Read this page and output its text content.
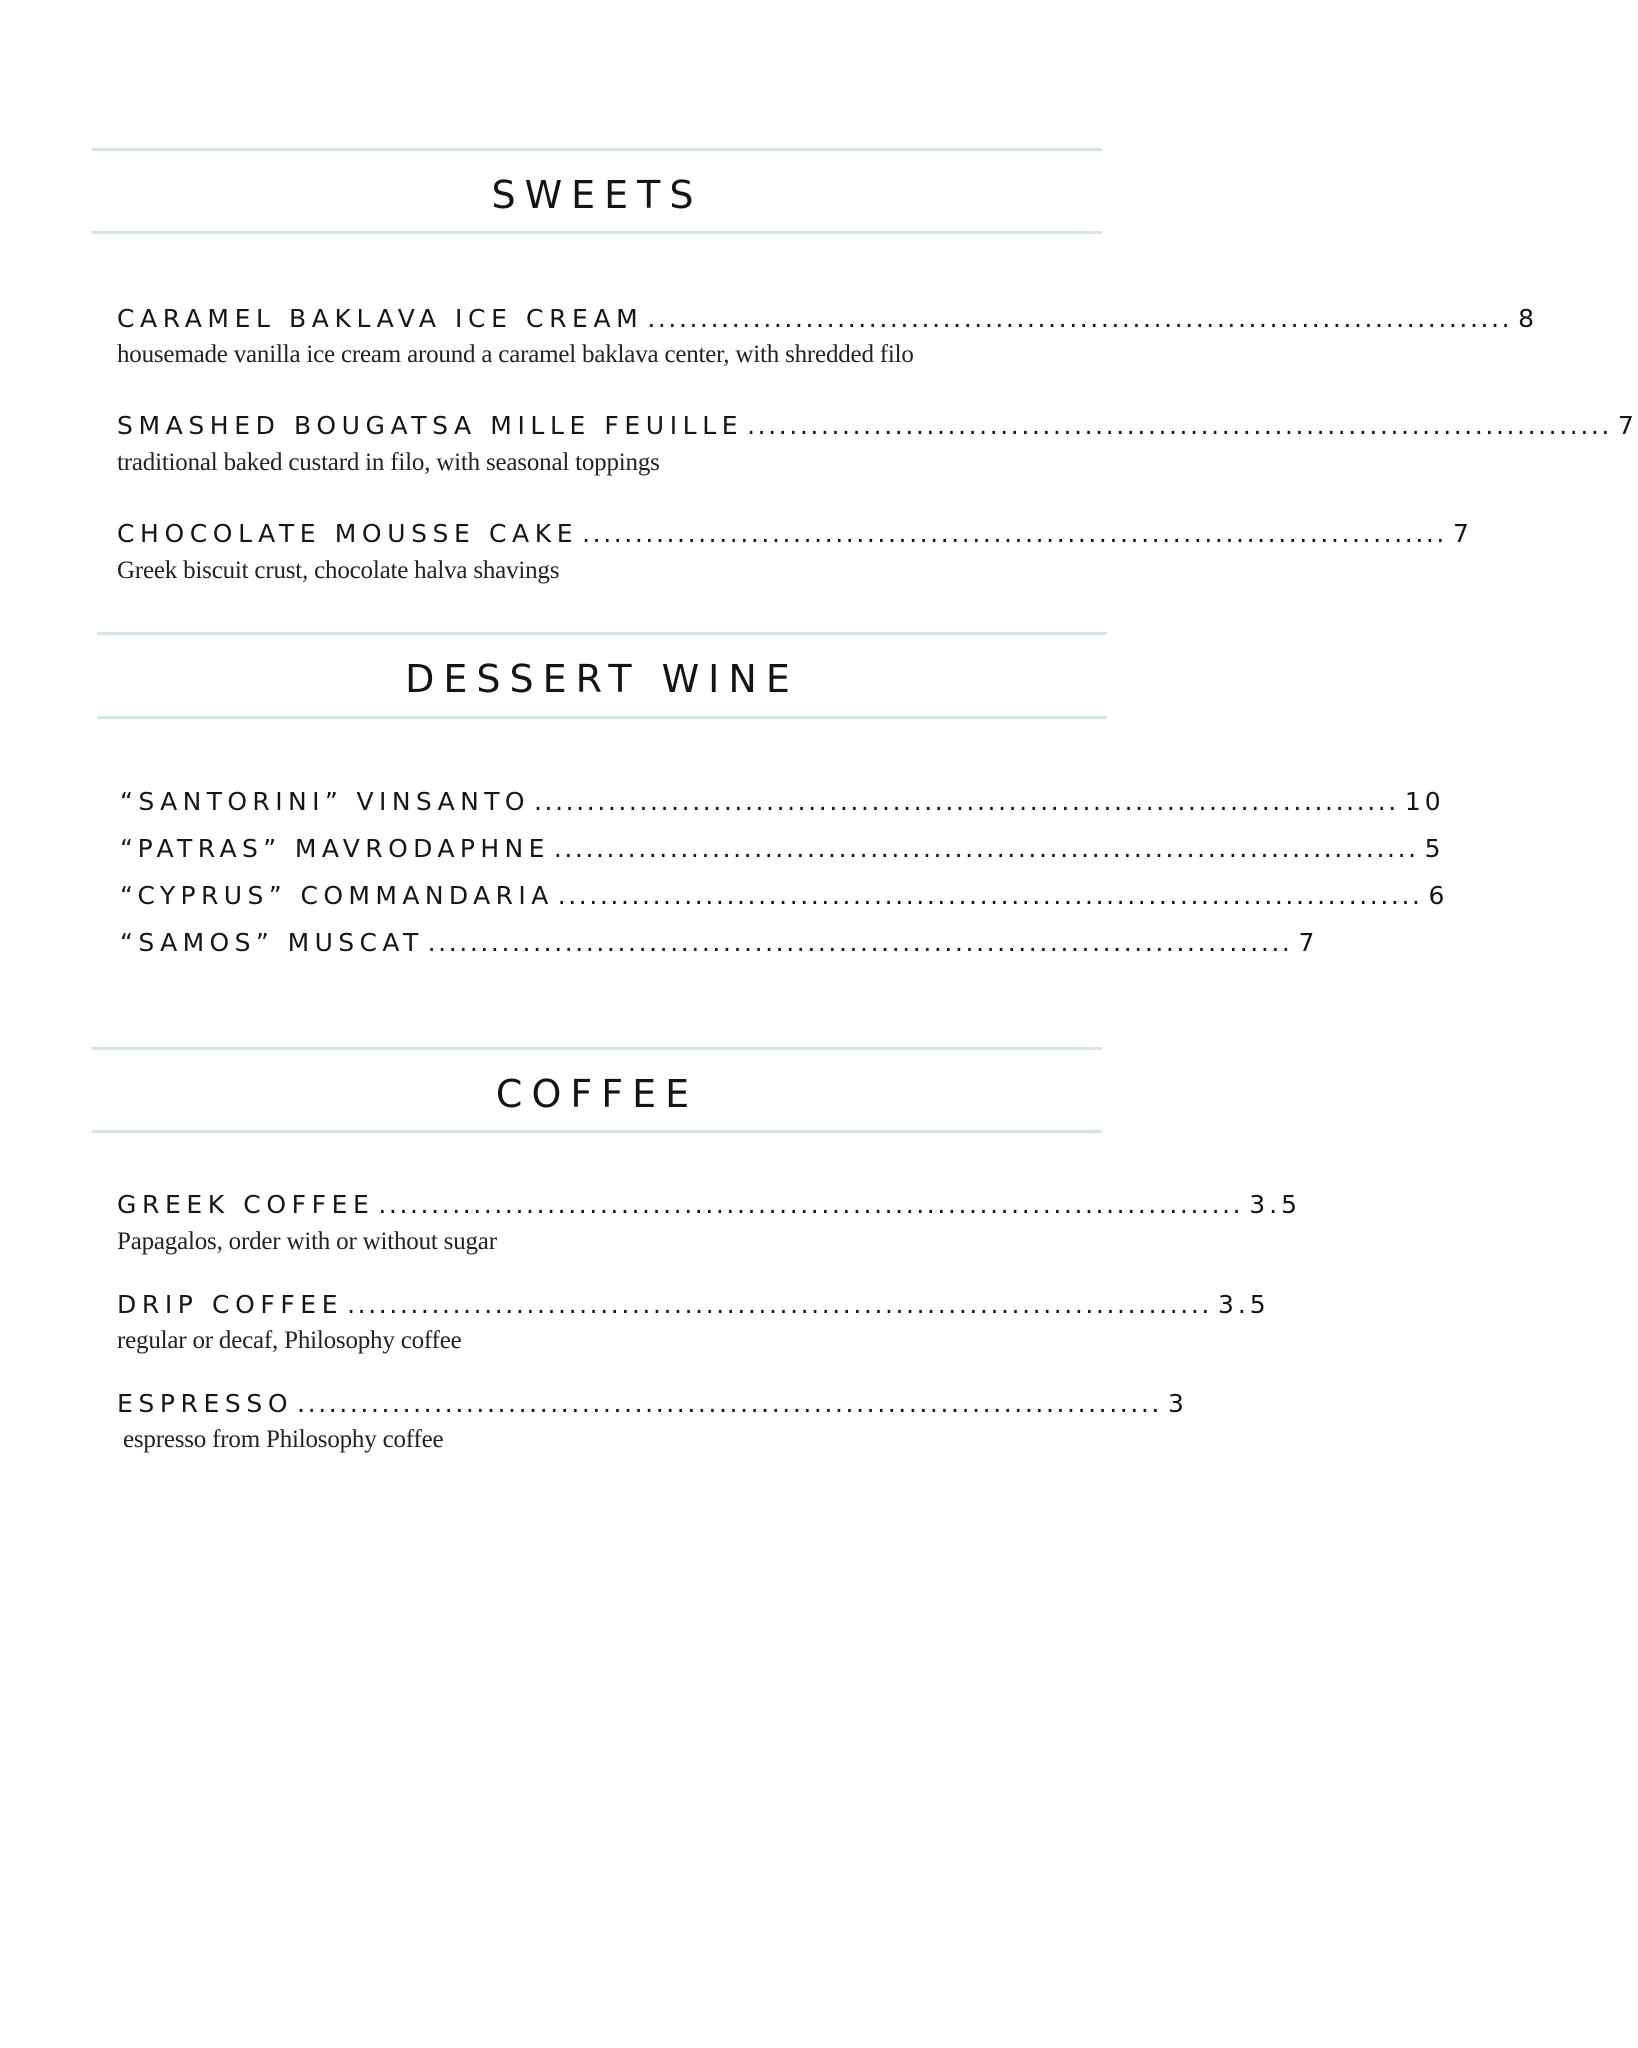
SWEETS
CARAMEL BAKLAVA ICE CREAM .................................................................................. 8
housemade vanilla ice cream around a caramel baklava center, with shredded filo
SMASHED BOUGATSA MILLE FEUILLE .................................................................................. 7
traditional baked custard in filo, with seasonal toppings
CHOCOLATE MOUSSE CAKE .................................................................................. 7
Greek biscuit crust, chocolate halva shavings
DESSERT WINE
“SANTORINI” VINSANTO .................................................................................. 10
“PATRAS” MAVRODAPHNE .................................................................................. 5
“CYPRUS” COMMANDARIA .................................................................................. 6
“SAMOS” MUSCAT .................................................................................. 7
COFFEE
GREEK COFFEE .................................................................................. 3.5
Papagalos, order with or without sugar
DRIP COFFEE .................................................................................. 3.5
regular or decaf, Philosophy coffee
ESPRESSO .................................................................................. 3
espresso from Philosophy coffee
